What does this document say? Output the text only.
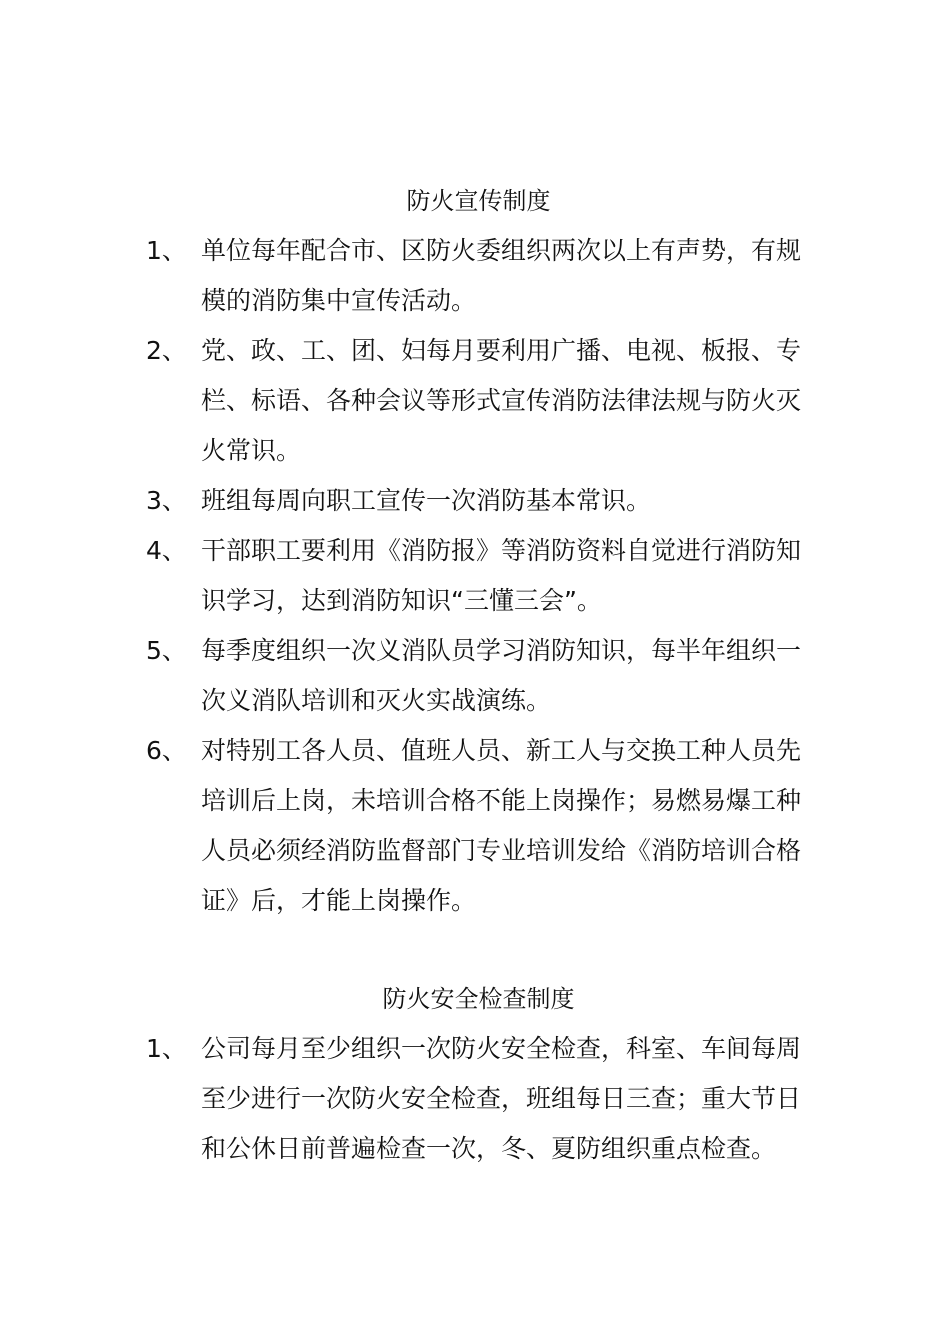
防火宣传制度

1、 单位每年配合市、区防火委组织两次以上有声势，有规模的消防集中宣传活动。

2、 党、政、工、团、妇每月要利用广播、电视、板报、专栏、标语、各种会议等形式宣传消防法律法规与防火灭火常识。

3、 班组每周向职工宣传一次消防基本常识。

4、 干部职工要利用《消防报》等消防资料自觉进行消防知识学习，达到消防知识“三懂三会”。

5、 每季度组织一次义消队员学习消防知识，每半年组织一次义消队培训和灭火实战演练。

6、 对特别工各人员、值班人员、新工人与交换工种人员先培训后上岗，未培训合格不能上岗操作；易燃易爆工种人员必须经消防监督部门专业培训发给《消防培训合格证》后，才能上岗操作。

防火安全检查制度

1、 公司每月至少组织一次防火安全检查，科室、车间每周至少进行一次防火安全检查，班组每日三查；重大节日和公休日前普遍检查一次，冬、夏防组织重点检查。
